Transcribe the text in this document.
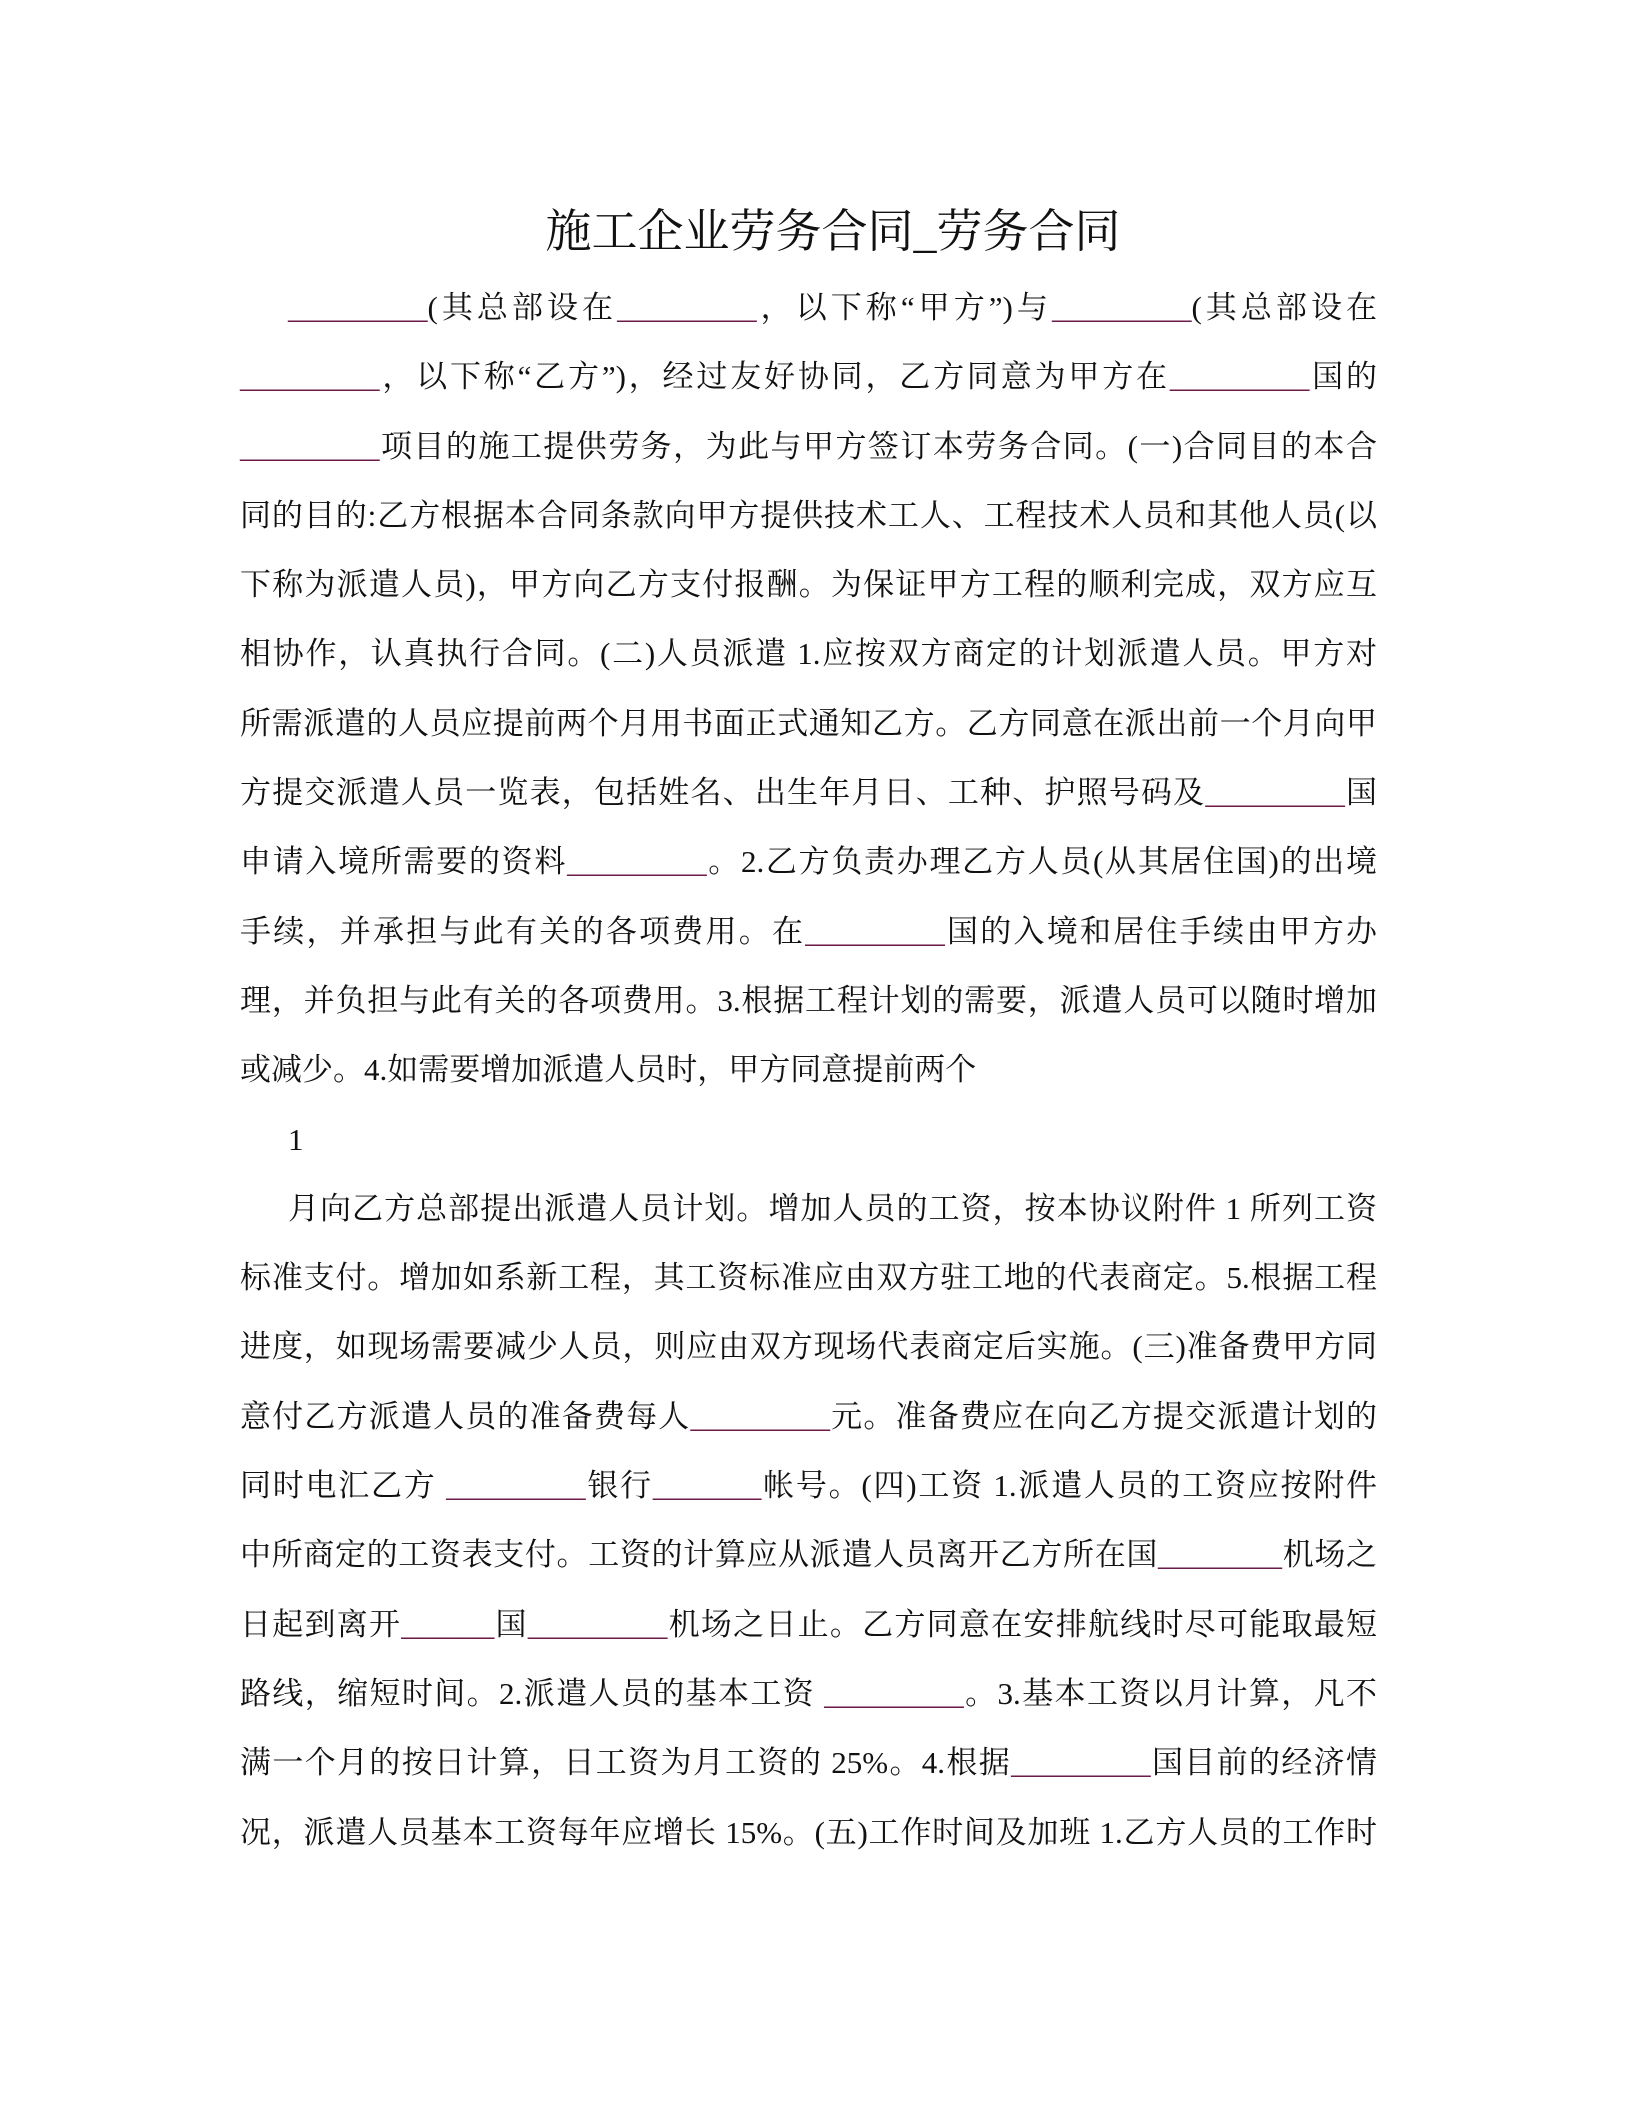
施工企业劳务合同_劳务合同
_________(其总部设在_________，以下称“甲方”)与_________(其总部设在
_________，以下称“乙方”)，经过友好协同，乙方同意为甲方在_________国的
_________项目的施工提供劳务，为此与甲方签订本劳务合同。(一)合同目的本合
同的目的:乙方根据本合同条款向甲方提供技术工人、工程技术人员和其他人员(以
下称为派遣人员)，甲方向乙方支付报酬。为保证甲方工程的顺利完成，双方应互
相协作，认真执行合同。(二)人员派遣 1.应按双方商定的计划派遣人员。甲方对
所需派遣的人员应提前两个月用书面正式通知乙方。乙方同意在派出前一个月向甲
方提交派遣人员一览表，包括姓名、出生年月日、工种、护照号码及_________国
申请入境所需要的资料_________。2.乙方负责办理乙方人员(从其居住国)的出境
手续，并承担与此有关的各项费用。在_________国的入境和居住手续由甲方办
理，并负担与此有关的各项费用。3.根据工程计划的需要，派遣人员可以随时增加
或减少。4.如需要增加派遣人员时，甲方同意提前两个
1
月向乙方总部提出派遣人员计划。增加人员的工资，按本协议附件 1 所列工资
标准支付。增加如系新工程，其工资标准应由双方驻工地的代表商定。5.根据工程
进度，如现场需要减少人员，则应由双方现场代表商定后实施。(三)准备费甲方同
意付乙方派遣人员的准备费每人_________元。准备费应在向乙方提交派遣计划的
同时电汇乙方 _________银行_______帐号。(四)工资 1.派遣人员的工资应按附件
中所商定的工资表支付。工资的计算应从派遣人员离开乙方所在国________机场之
日起到离开______国_________机场之日止。乙方同意在安排航线时尽可能取最短
路线，缩短时间。2.派遣人员的基本工资 _________。3.基本工资以月计算，凡不
满一个月的按日计算，日工资为月工资的 25%。4.根据_________国目前的经济情
况，派遣人员基本工资每年应增长 15%。(五)工作时间及加班 1.乙方人员的工作时
